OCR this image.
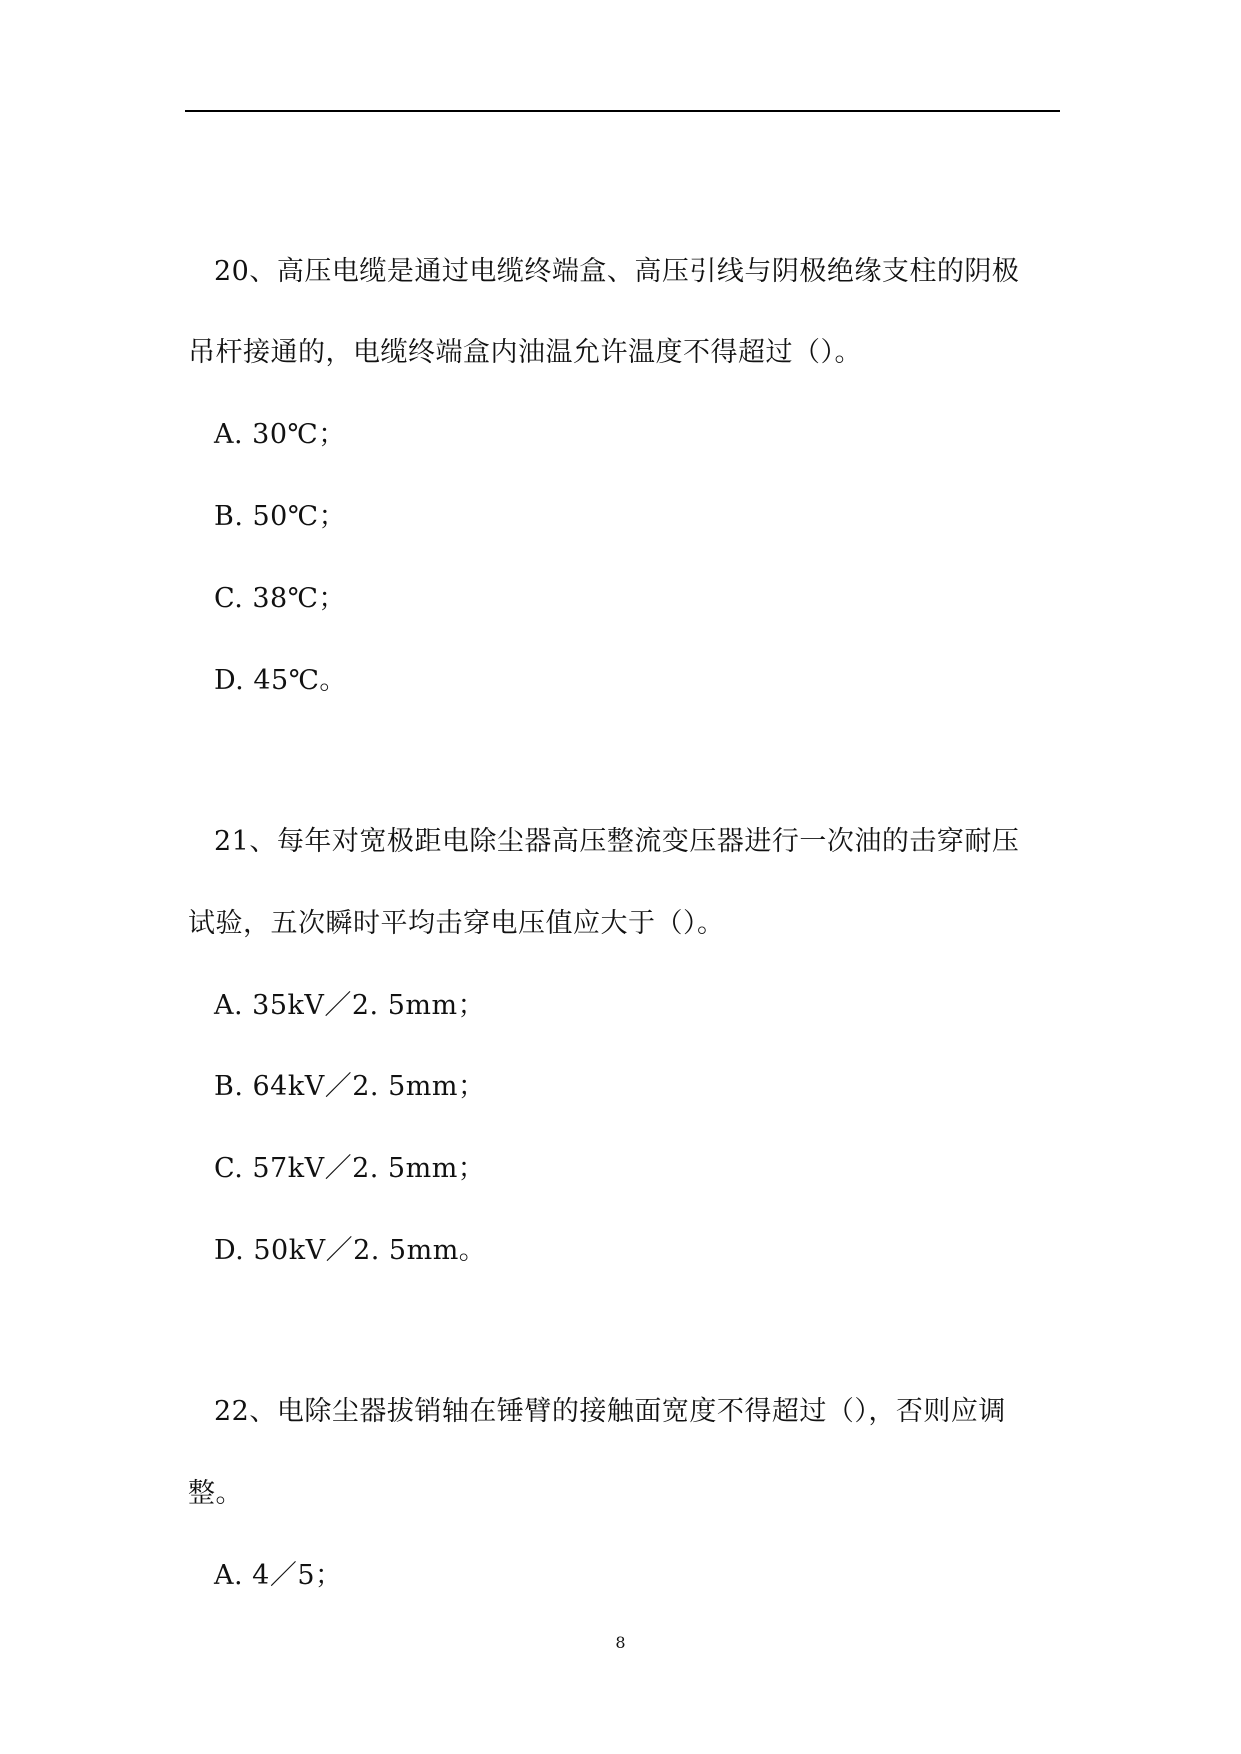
20、高压电缆是通过电缆终端盒、高压引线与阴极绝缘支柱的阴极
吊杆接通的，电缆终端盒内油温允许温度不得超过（）。
A. 30℃；
B. 50℃；
C. 38℃；
D. 45℃。
21、每年对宽极距电除尘器高压整流变压器进行一次油的击穿耐压
试验，五次瞬时平均击穿电压值应大于（）。
A. 35kV／2. 5mm；
B. 64kV／2. 5mm；
C. 57kV／2. 5mm；
D. 50kV／2. 5mm。
22、电除尘器拔销轴在锤臂的接触面宽度不得超过（），否则应调
整。
A. 4／5；
8
